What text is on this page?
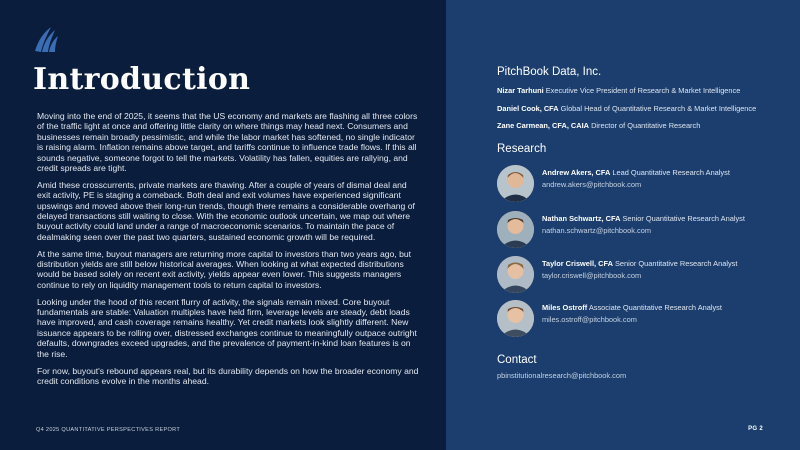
Introduction

Moving into the end of 2025, it seems that the US economy and markets are flashing all three colors of the traffic light at once and offering little clarity on where things may head next. Consumers and businesses remain broadly pessimistic, and while the labor market has softened, no single indicator is raising alarm. Inflation remains above target, and tariffs continue to influence trade flows. If this all sounds negative, someone forgot to tell the markets. Volatility has fallen, equities are rallying, and credit spreads are tight.

Amid these crosscurrents, private markets are thawing. After a couple of years of dismal deal and exit activity, PE is staging a comeback. Both deal and exit volumes have experienced significant upswings and moved above their long-run trends, though there remains a considerable overhang of delayed transactions still waiting to close. With the economic outlook uncertain, we map out where buyout activity could land under a range of macroeconomic scenarios. To maintain the pace of dealmaking seen over the past two quarters, sustained economic growth will be required.

At the same time, buyout managers are returning more capital to investors than two years ago, but distribution yields are still below historical averages. When looking at what expected distributions would be based solely on recent exit activity, yields appear even lower. This suggests managers continue to rely on liquidity management tools to return capital to investors.

Looking under the hood of this recent flurry of activity, the signals remain mixed. Core buyout fundamentals are stable: Valuation multiples have held firm, leverage levels are steady, debt loads have improved, and cash coverage remains healthy. Yet credit markets look slightly different. New issuance appears to be rolling over, distressed exchanges continue to meaningfully outpace outright defaults, downgrades exceed upgrades, and the prevalence of payment-in-kind loan features is on the rise.

For now, buyout's rebound appears real, but its durability depends on how the broader economy and credit conditions evolve in the months ahead.

Q4 2025 QUANTITATIVE PERSPECTIVES REPORT
PitchBook Data, Inc.
Nizar Tarhuni Executive Vice President of Research & Market Intelligence
Daniel Cook, CFA Global Head of Quantitative Research & Market Intelligence
Zane Carmean, CFA, CAIA Director of Quantitative Research
Research
Andrew Akers, CFA Lead Quantitative Research Analyst
andrew.akers@pitchbook.com
Nathan Schwartz, CFA Senior Quantitative Research Analyst
nathan.schwartz@pitchbook.com
Taylor Criswell, CFA Senior Quantitative Research Analyst
taylor.criswell@pitchbook.com
Miles Ostroff Associate Quantitative Research Analyst
miles.ostroff@pitchbook.com
Contact
pbinstitutionalresearch@pitchbook.com
PG 2
